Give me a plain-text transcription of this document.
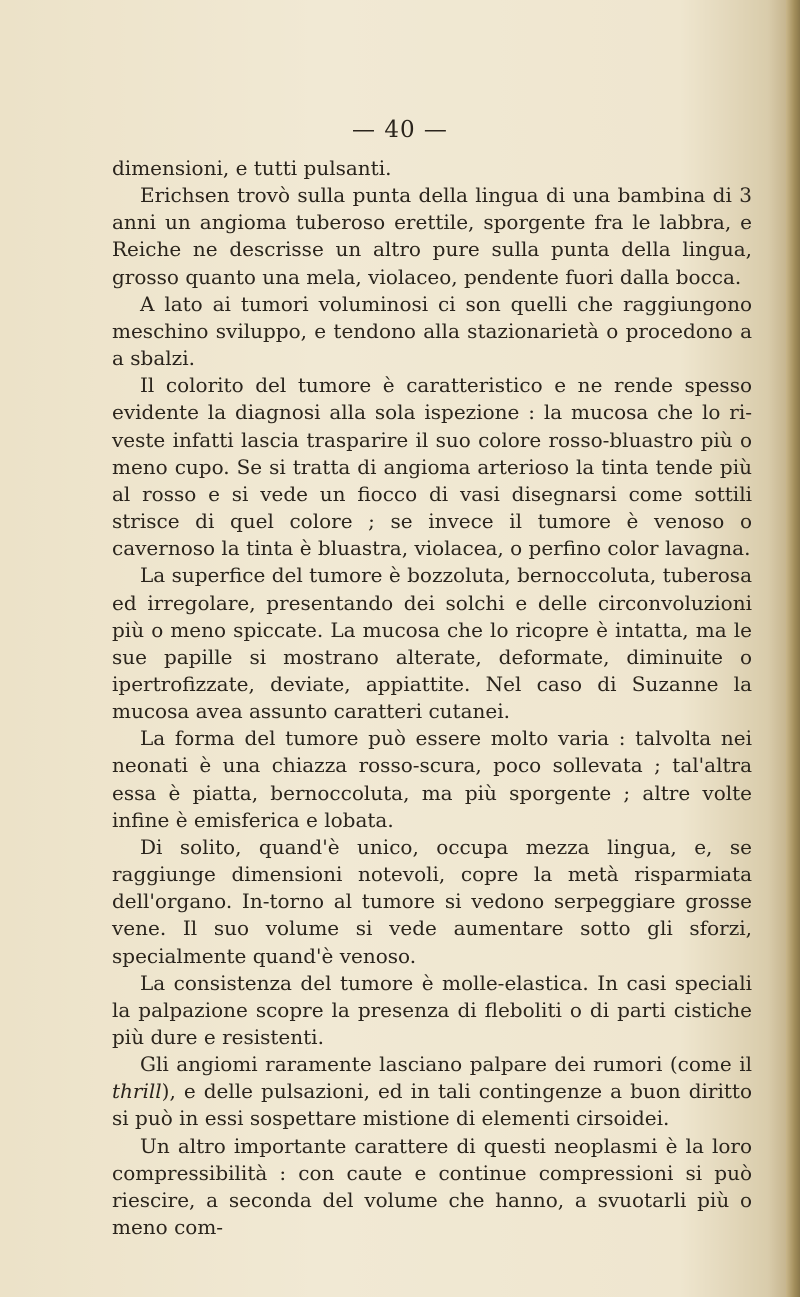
— 40 —

dimensioni, e tutti pulsanti.

Erichsen trovò sulla punta della lingua di una bambina di 3 anni un angioma tuberoso erettile, sporgente fra le labbra, e Reiche ne descrisse un altro pure sulla punta della lingua, grosso quanto una mela, violaceo, pendente fuori dalla bocca.

A lato ai tumori voluminosi ci son quelli che raggiungono meschino sviluppo, e tendono alla stazionarietà o procedono a a sbalzi.

Il colorito del tumore è caratteristico e ne rende spesso evidente la diagnosi alla sola ispezione : la mucosa che lo ri-veste infatti lascia trasparire il suo colore rosso-bluastro più o meno cupo. Se si tratta di angioma arterioso la tinta tende più al rosso e si vede un fiocco di vasi disegnarsi come sottili strisce di quel colore ; se invece il tumore è venoso o cavernoso la tinta è bluastra, violacea, o perfino color lavagna.

La superfice del tumore è bozzoluta, bernoccoluta, tuberosa ed irregolare, presentando dei solchi e delle circonvoluzioni più o meno spiccate. La mucosa che lo ricopre è intatta, ma le sue papille si mostrano alterate, deformate, diminuite o ipertrofizzate, deviate, appiattite. Nel caso di Suzanne la mucosa avea assunto caratteri cutanei.

La forma del tumore può essere molto varia : talvolta nei neonati è una chiazza rosso-scura, poco sollevata ; tal'altra essa è piatta, bernoccoluta, ma più sporgente ; altre volte infine è emisferica e lobata.

Di solito, quand'è unico, occupa mezza lingua, e, se raggiunge dimensioni notevoli, copre la metà risparmiata dell'organo. In-torno al tumore si vedono serpeggiare grosse vene. Il suo volume si vede aumentare sotto gli sforzi, specialmente quand'è venoso.

La consistenza del tumore è molle-elastica. In casi speciali la palpazione scopre la presenza di fleboliti o di parti cistiche più dure e resistenti.

Gli angiomi raramente lasciano palpare dei rumori (come il thrill), e delle pulsazioni, ed in tali contingenze a buon diritto si può in essi sospettare mistione di elementi cirsoidei.

Un altro importante carattere di questi neoplasmi è la loro compressibilità : con caute e continue compressioni si può riescire, a seconda del volume che hanno, a svuotarli più o meno com-
